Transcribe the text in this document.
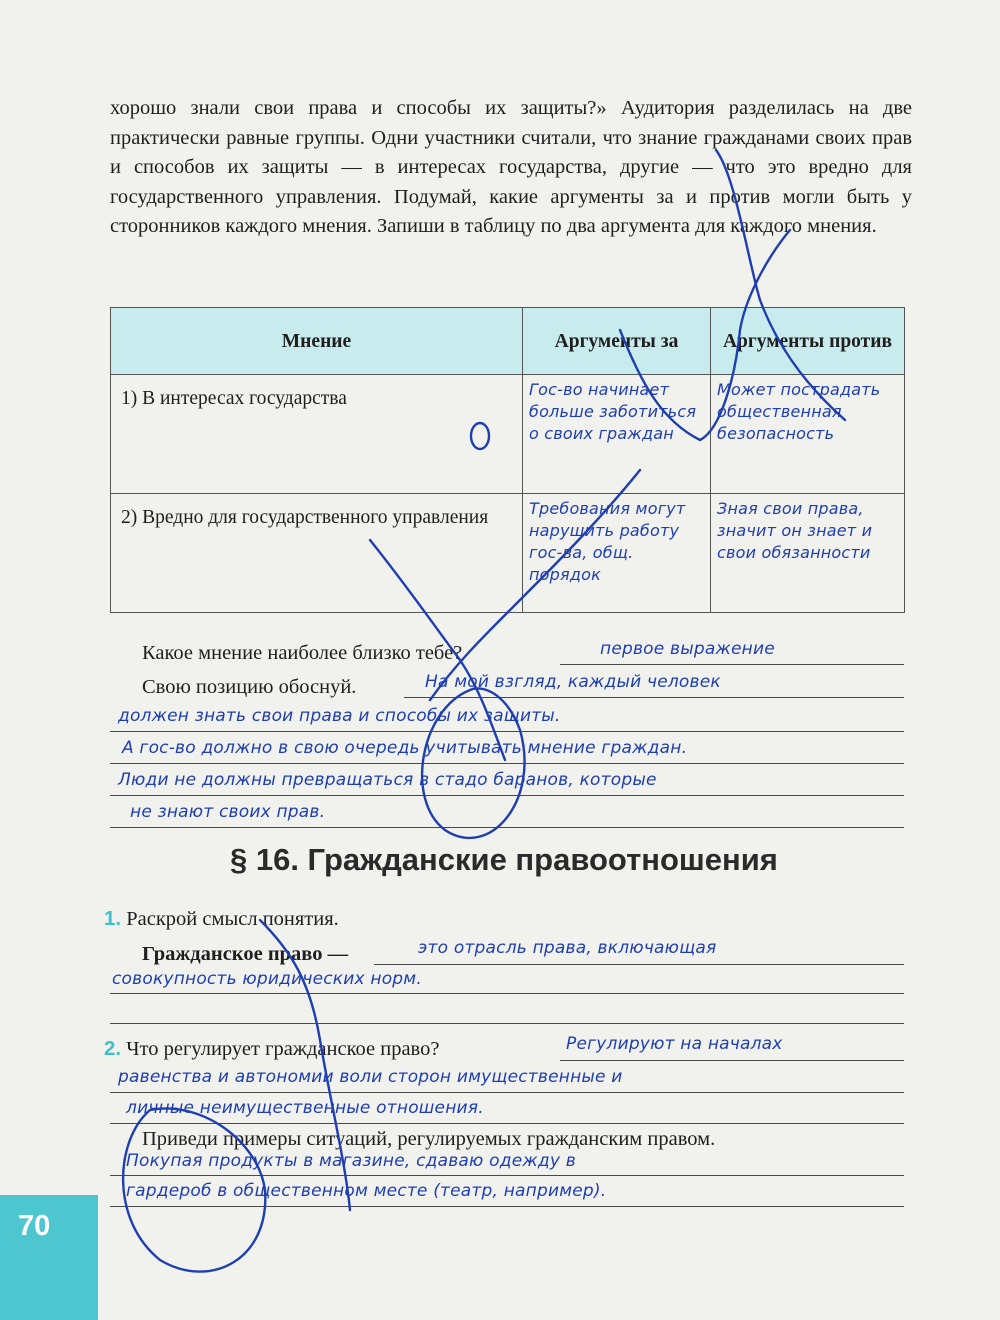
хорошо знали свои права и способы их защиты?» Аудитория разделилась на две практически равные группы. Одни участники считали, что знание гражданами своих прав и способов их защиты — в интересах государства, другие — что это вредно для государственного управления. Подумай, какие аргументы за и против могли быть у сторонников каждого мнения. Запиши в таблицу по два аргумента для каждого мнения.

Мнение	Аргументы за	Аргументы против
1) В интересах государства	Гос-во начинает больше заботиться о своих граждан	Может пострадать общественная безопасность
2) Вредно для государственного управления	Требования могут нарушить работу гос-ва, общ. порядок	Зная свои права, значит он знает и свои обязанности
Какое мнение наиболее близко тебе?	первое выражение
Свою позицию обоснуй.	На мой взгляд, каждый человек
должен знать свои права и способы их защиты.
А гос-во должно в свою очередь учитывать мнение граждан.
Люди не должны превращаться в стадо баранов, которые
не знают своих прав.
§ 16. Гражданские правоотношения
1. Раскрой смысл понятия.
Гражданское право —	это отрасль права, включающая
совокупность юридических норм.
2. Что регулирует гражданское право?	Регулируют на началах
равенства и автономии воли сторон имущественные и
личные неимущественные отношения.
Приведи примеры ситуаций, регулируемых гражданским правом.
Покупая продукты в магазине, сдаваю одежду в
гардероб в общественном месте (театр, например).
70
